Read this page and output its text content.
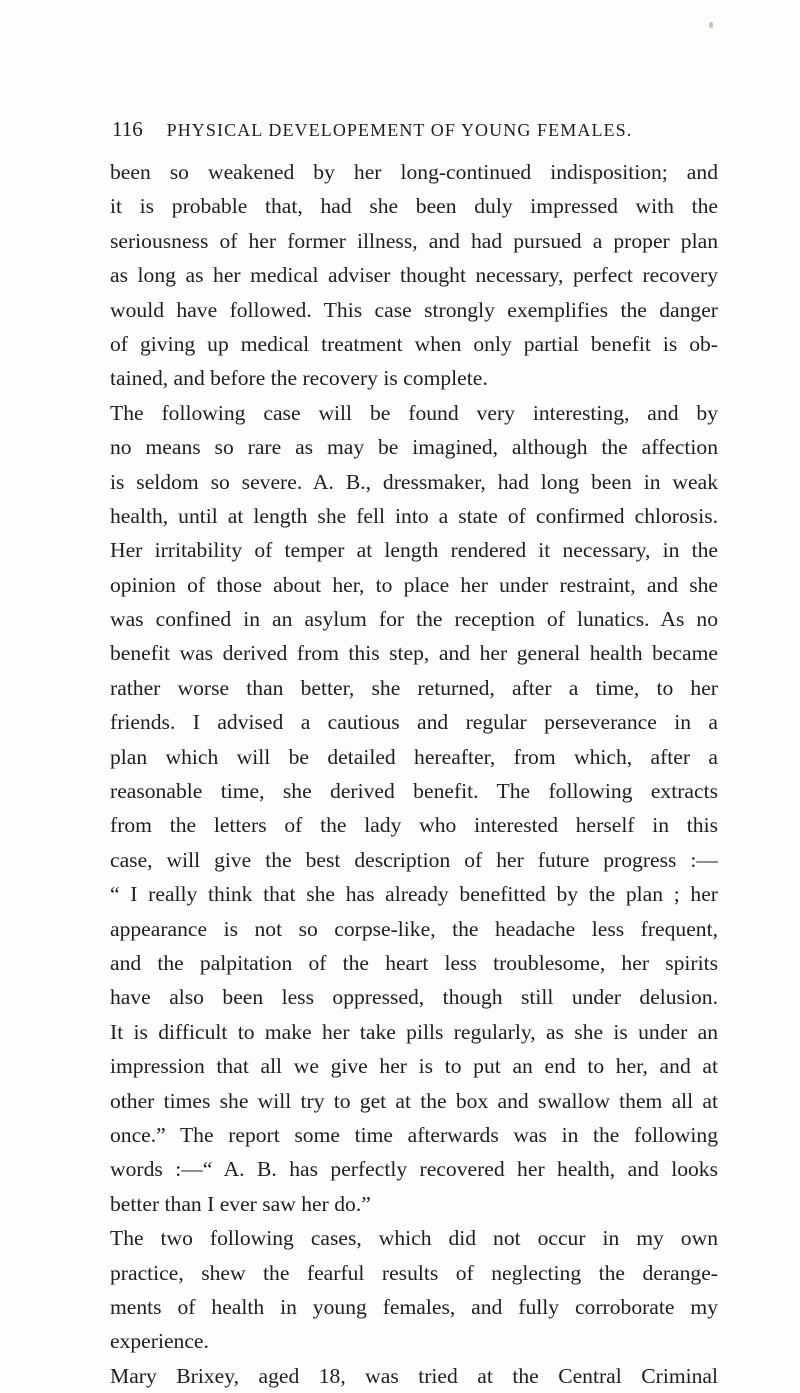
116 PHYSICAL DEVELOPEMENT OF YOUNG FEMALES.
been so weakened by her long-continued indisposition; and
it is probable that, had she been duly impressed with the
seriousness of her former illness, and had pursued a proper plan
as long as her medical adviser thought necessary, perfect recovery
would have followed. This case strongly exemplifies the danger
of giving up medical treatment when only partial benefit is ob-
tained, and before the recovery is complete.
The following case will be found very interesting, and by
no means so rare as may be imagined, although the affection
is seldom so severe. A. B., dressmaker, had long been in weak
health, until at length she fell into a state of confirmed chlorosis.
Her irritability of temper at length rendered it necessary, in the
opinion of those about her, to place her under restraint, and she
was confined in an asylum for the reception of lunatics. As no
benefit was derived from this step, and her general health became
rather worse than better, she returned, after a time, to her
friends. I advised a cautious and regular perseverance in a
plan which will be detailed hereafter, from which, after a
reasonable time, she derived benefit. The following extracts
from the letters of the lady who interested herself in this
case, will give the best description of her future progress :—
“ I really think that she has already benefitted by the plan ; her
appearance is not so corpse-like, the headache less frequent,
and the palpitation of the heart less troublesome, her spirits
have also been less oppressed, though still under delusion.
It is difficult to make her take pills regularly, as she is under an
impression that all we give her is to put an end to her, and at
other times she will try to get at the box and swallow them all at
once.” The report some time afterwards was in the following
words :—“ A. B. has perfectly recovered her health, and looks
better than I ever saw her do.”
The two following cases, which did not occur in my own
practice, shew the fearful results of neglecting the derange-
ments of health in young females, and fully corroborate my
experience.
Mary Brixey, aged 18, was tried at the Central Criminal
